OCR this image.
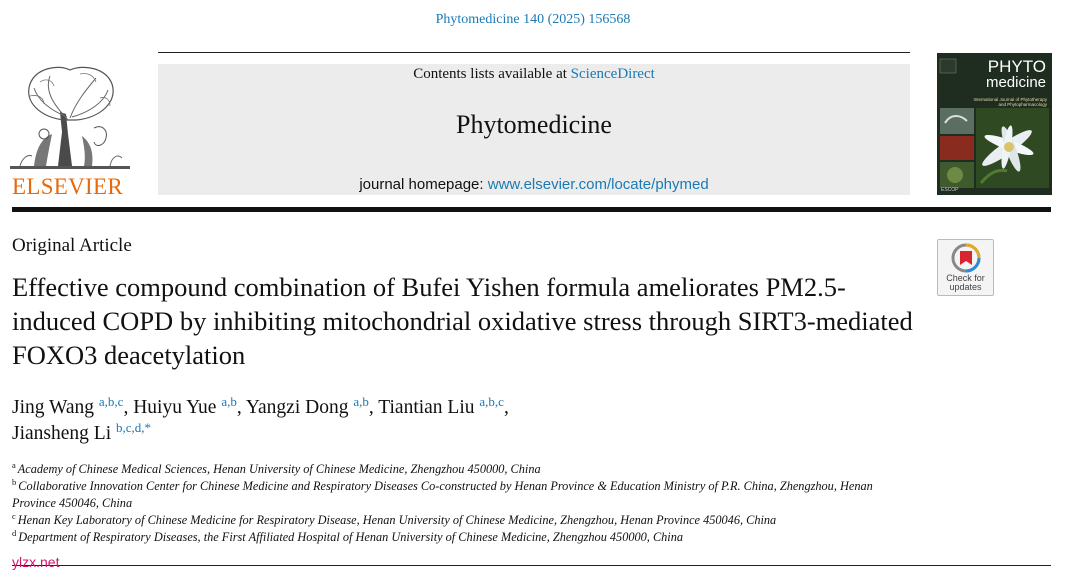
Phytomedicine 140 (2025) 156568
ELSEVIER
Contents lists available at ScienceDirect
Phytomedicine
journal homepage: www.elsevier.com/locate/phymed
PHYTO
medicine
International Journal of Phytotherapy and Phytopharmacology
ESCOP
Original Article
Effective compound combination of Bufei Yishen formula ameliorates PM2.5-induced COPD by inhibiting mitochondrial oxidative stress through SIRT3-mediated FOXO3 deacetylation
Check for
updates
Jing Wang $^{a,b,c}$, Huiyu Yue $^{a,b}$, Yangzi Dong $^{a,b}$, Tiantian Liu $^{a,b,c}$,
Jiansheng Li $^{b,c,d,*}$
$^a$ Academy of Chinese Medical Sciences, Henan University of Chinese Medicine, Zhengzhou 450000, China
$^b$ Collaborative Innovation Center for Chinese Medicine and Respiratory Diseases Co-constructed by Henan Province & Education Ministry of P.R. China, Zhengzhou, Henan Province 450046, China
$^c$ Henan Key Laboratory of Chinese Medicine for Respiratory Disease, Henan University of Chinese Medicine, Zhengzhou, Henan Province 450046, China
$^d$ Department of Respiratory Diseases, the First Affiliated Hospital of Henan University of Chinese Medicine, Zhengzhou 450000, China
ylzx.net
